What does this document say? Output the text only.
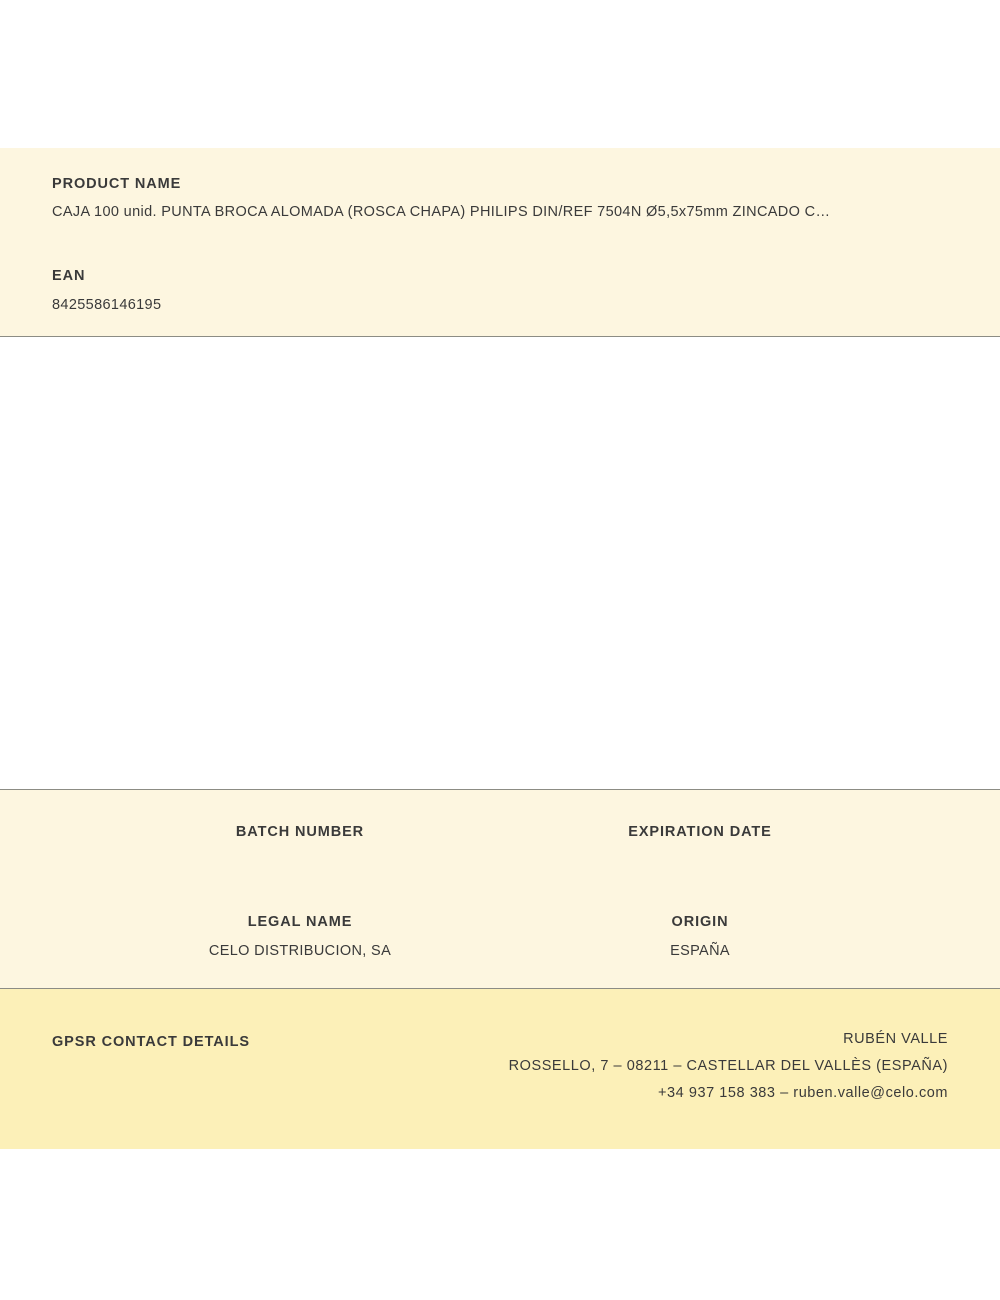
PRODUCT NAME
CAJA 100 unid. PUNTA BROCA ALOMADA (ROSCA CHAPA) PHILIPS DIN/REF 7504N Ø5,5x75mm ZINCADO C…
EAN
8425586146195
BATCH NUMBER	EXPIRATION DATE
LEGAL NAME
CELO DISTRIBUCION, SA
ORIGIN
ESPAÑA
GPSR CONTACT DETAILS	RUBÉN VALLE
ROSSELLO, 7 – 08211 – CASTELLAR DEL VALLÈS (ESPAÑA)
+34 937 158 383 – ruben.valle@celo.com
